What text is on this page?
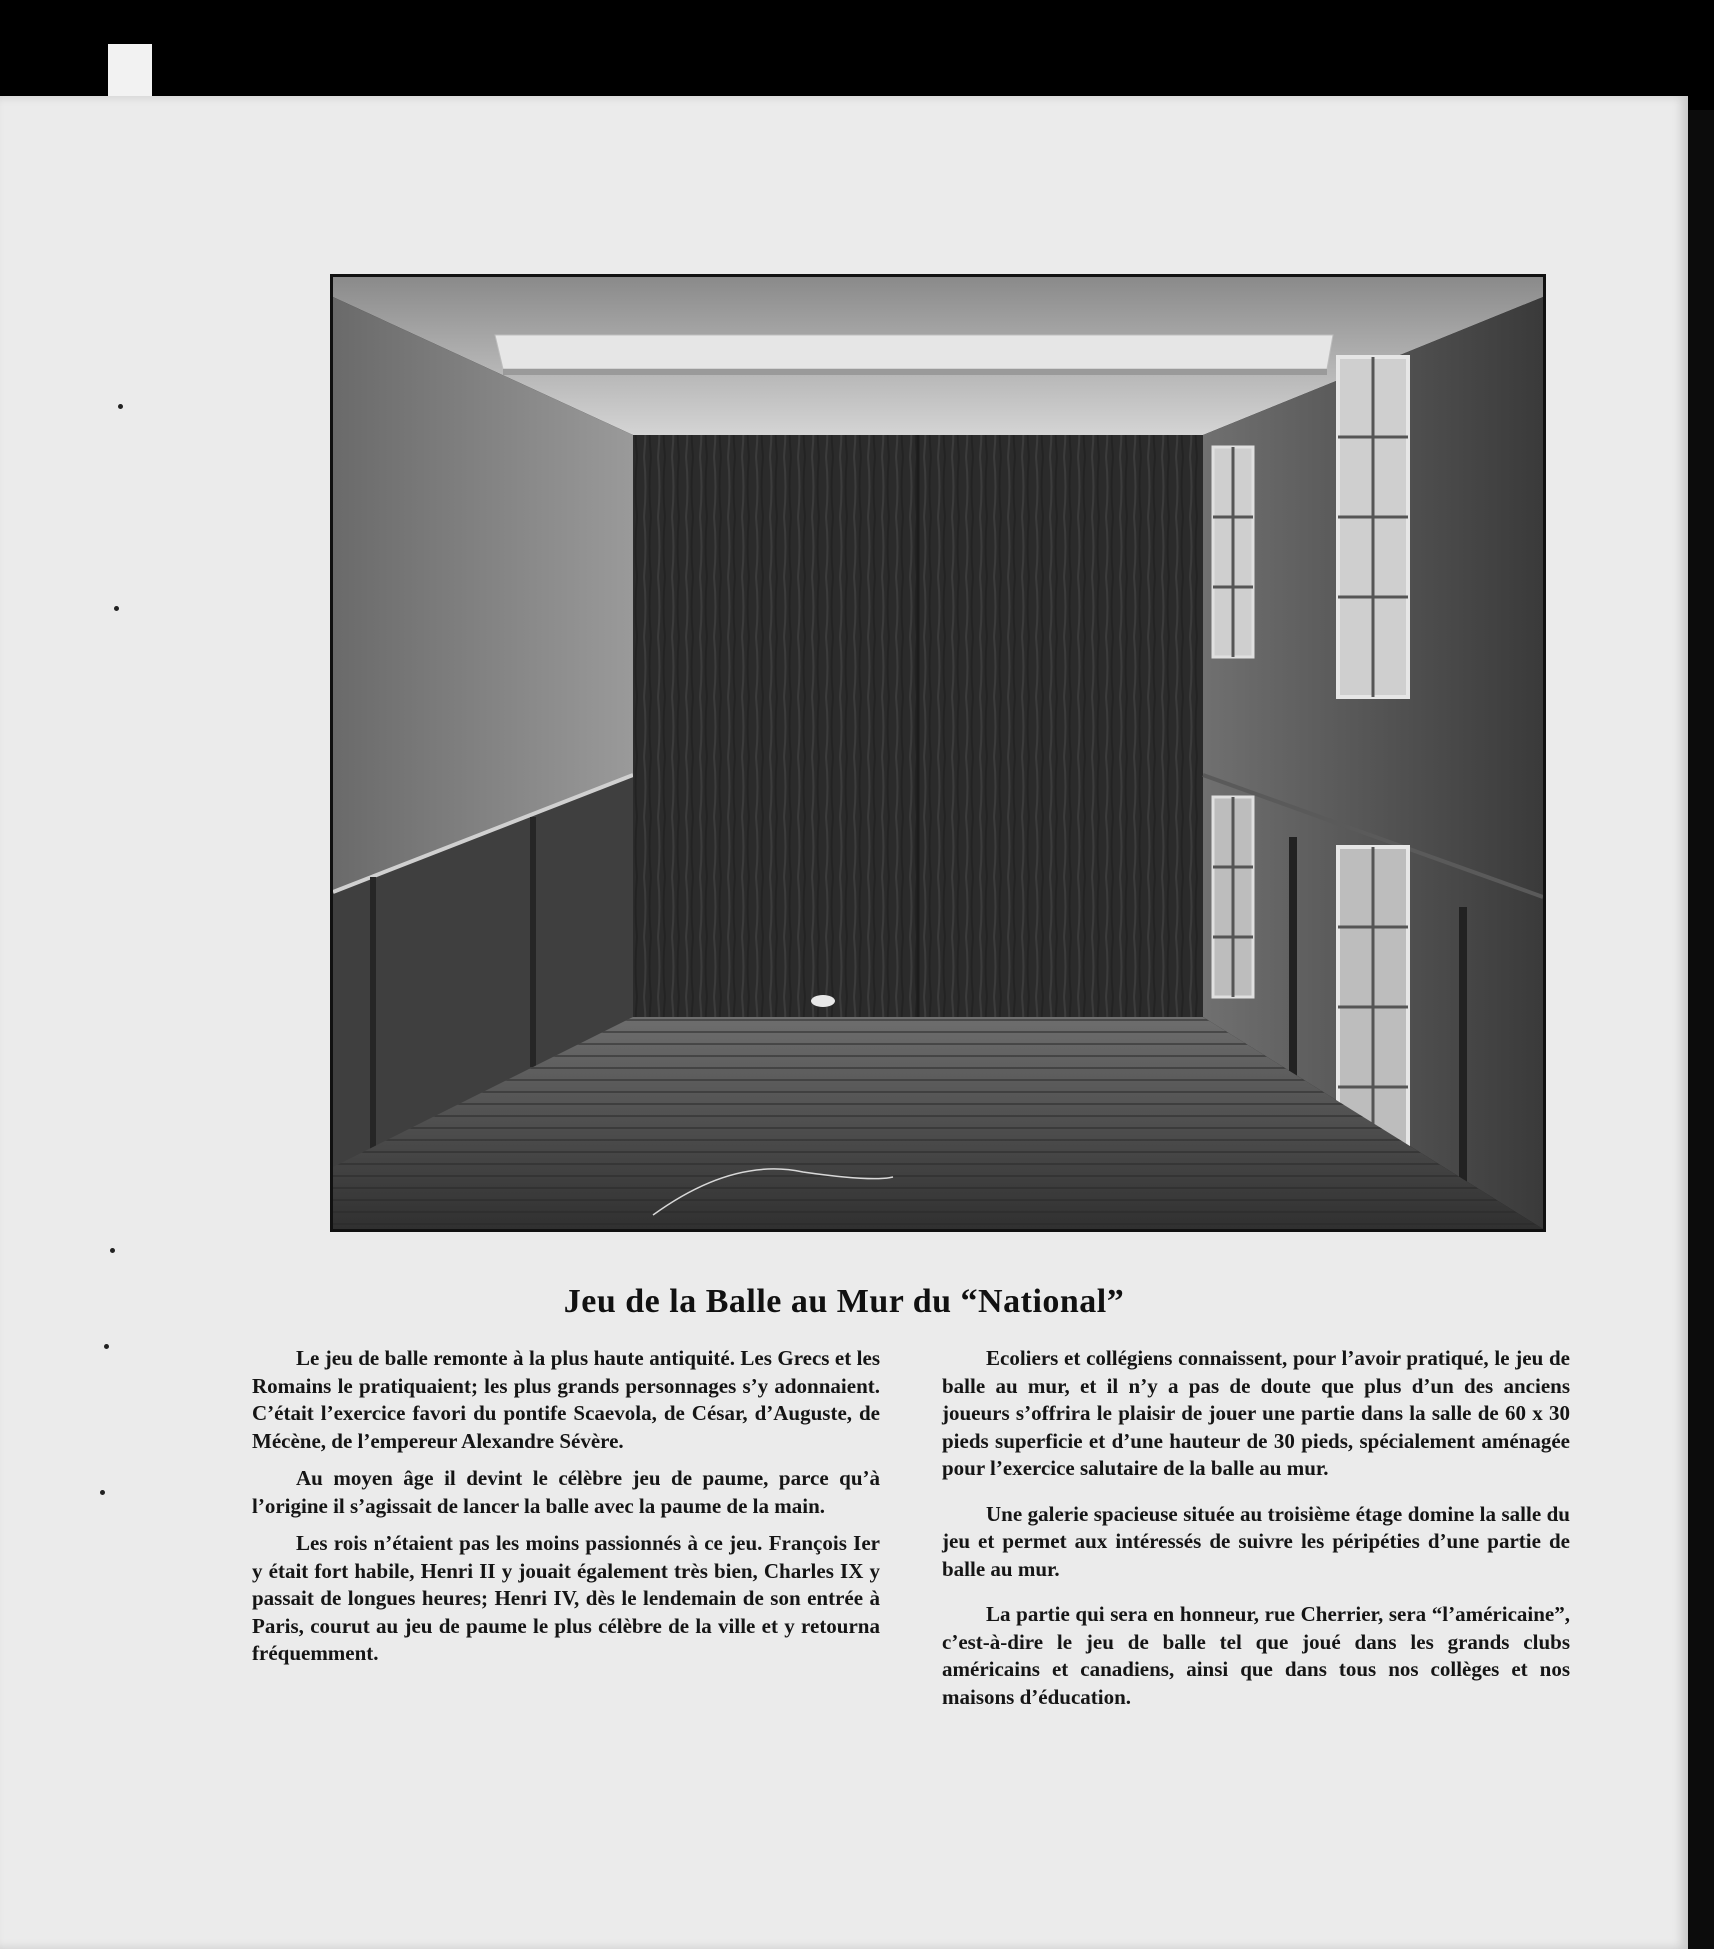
Jeu de la Balle au Mur du “National”

Le jeu de balle remonte à la plus haute antiquité. Les Grecs et les Romains le pratiquaient; les plus grands personnages s’y adonnaient. C’était l’exercice favori du pontife Scaevola, de César, d’Auguste, de Mécène, de l’empereur Alexandre Sévère.

Au moyen âge il devint le célèbre jeu de paume, parce qu’à l’origine il s’agissait de lancer la balle avec la paume de la main.

Les rois n’étaient pas les moins passionnés à ce jeu. François Ier y était fort habile, Henri II y jouait également très bien, Charles IX y passait de longues heures; Henri IV, dès le lendemain de son entrée à Paris, courut au jeu de paume le plus célèbre de la ville et y retourna fréquemment.

Ecoliers et collégiens connaissent, pour l’avoir pratiqué, le jeu de balle au mur, et il n’y a pas de doute que plus d’un des anciens joueurs s’offrira le plaisir de jouer une partie dans la salle de 60 x 30 pieds superficie et d’une hauteur de 30 pieds, spécialement aménagée pour l’exercice salutaire de la balle au mur.

Une galerie spacieuse située au troisième étage domine la salle du jeu et permet aux intéressés de suivre les péripéties d’une partie de balle au mur.

La partie qui sera en honneur, rue Cherrier, sera “l’américaine”, c’est-à-dire le jeu de balle tel que joué dans les grands clubs américains et canadiens, ainsi que dans tous nos collèges et nos maisons d’éducation.
